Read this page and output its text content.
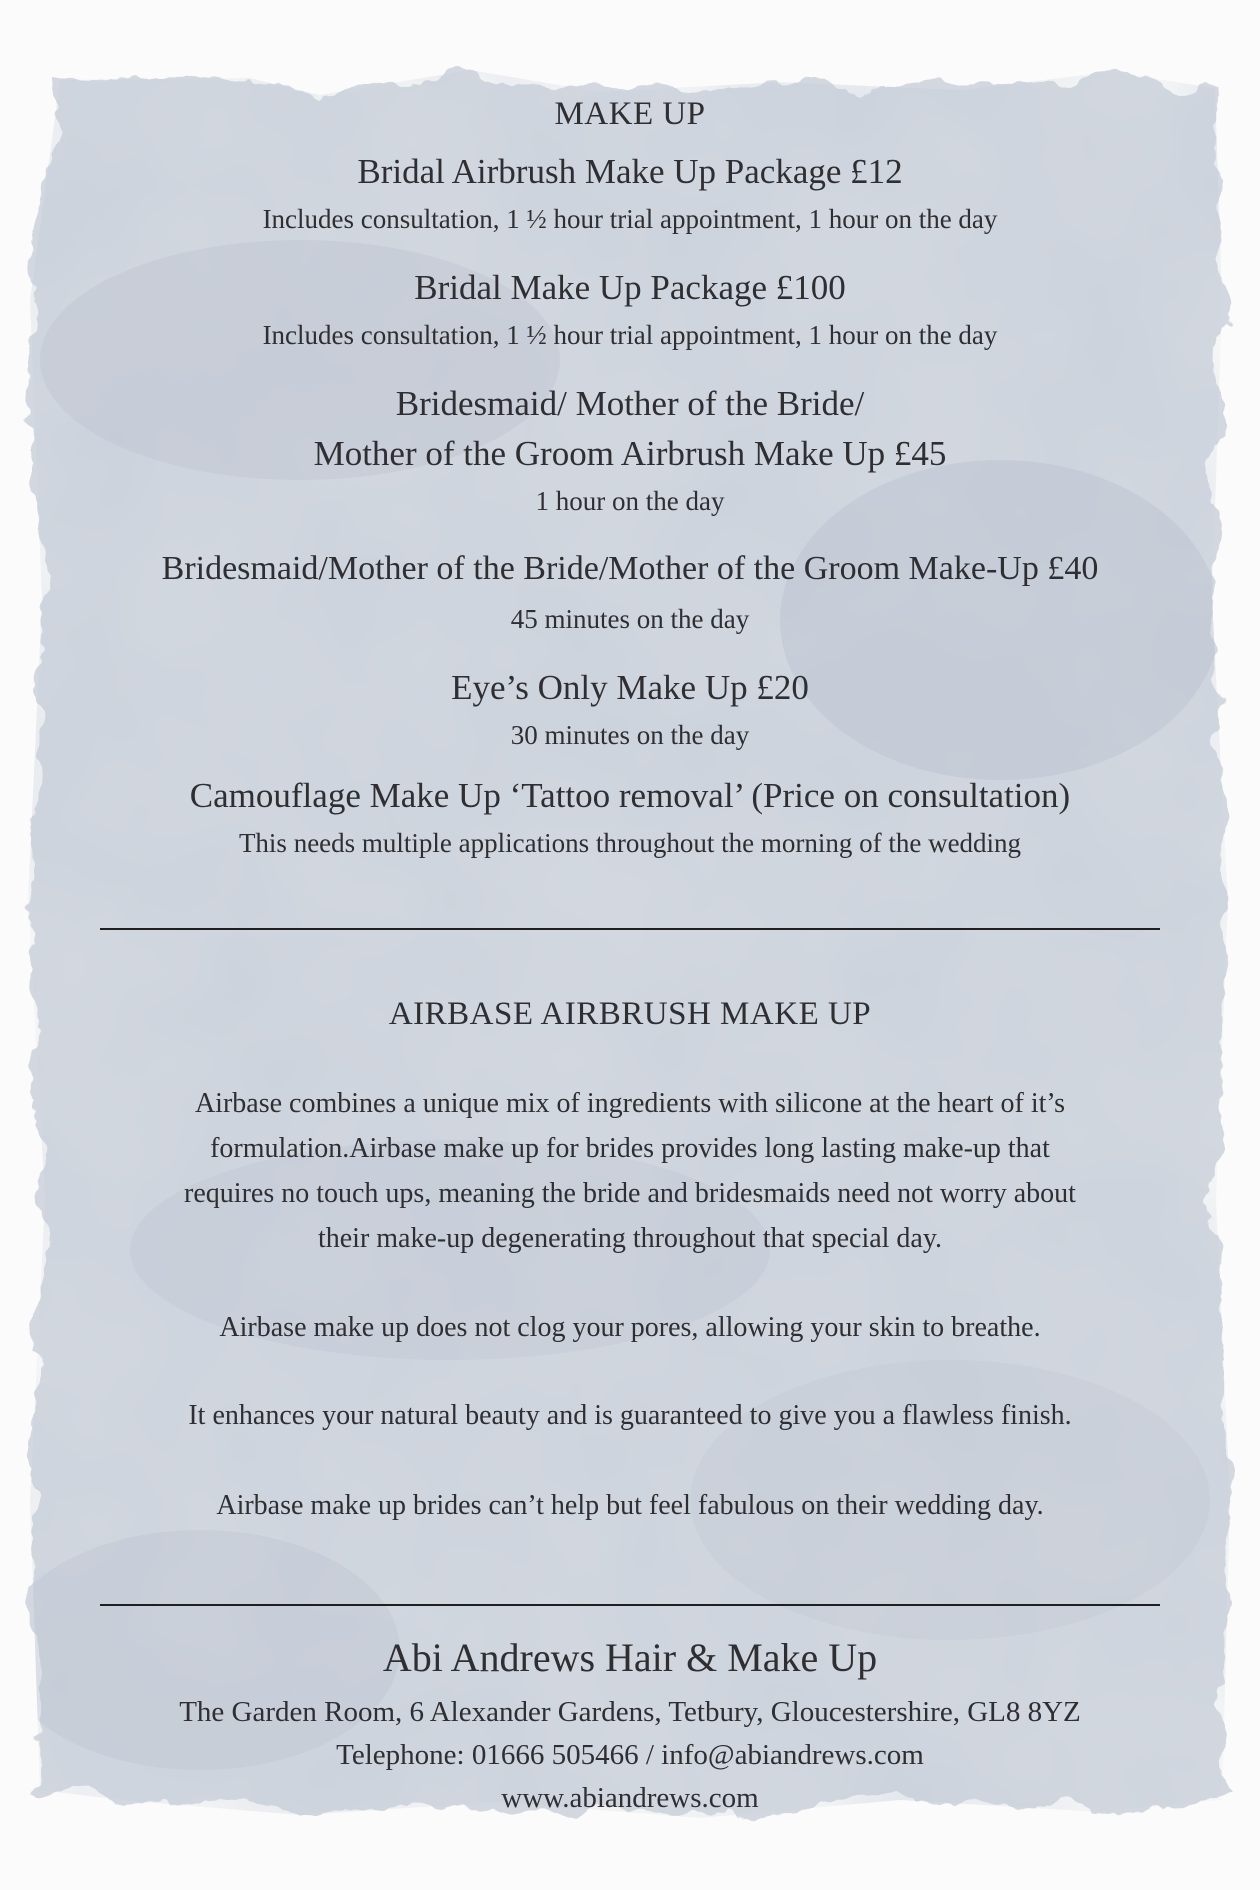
MAKE UP
Bridal Airbrush Make Up Package £12
Includes consultation, 1 ½ hour trial appointment, 1 hour on the day
Bridal Make Up Package £100
Includes consultation, 1 ½ hour trial appointment, 1 hour on the day
Bridesmaid/ Mother of the Bride/
Mother of the Groom Airbrush Make Up £45
1 hour on the day
Bridesmaid/Mother of the Bride/Mother of the Groom Make-Up £40
45 minutes on the day
Eye’s Only Make Up £20
30 minutes on the day
Camouflage Make Up ‘Tattoo removal’ (Price on consultation)
This needs multiple applications throughout the morning of the wedding
AIRBASE AIRBRUSH MAKE UP
Airbase combines a unique mix of ingredients with silicone at the heart of it’s
formulation.Airbase make up for brides provides long lasting make-up that
requires no touch ups, meaning the bride and bridesmaids need not worry about
their make-up degenerating throughout that special day.
Airbase make up does not clog your pores, allowing your skin to breathe.
It enhances your natural beauty and is guaranteed to give you a flawless finish.
Airbase make up brides can’t help but feel fabulous on their wedding day.
Abi Andrews Hair & Make Up
The Garden Room, 6 Alexander Gardens, Tetbury, Gloucestershire, GL8 8YZ
Telephone: 01666 505466 / info@abiandrews.com
www.abiandrews.com
